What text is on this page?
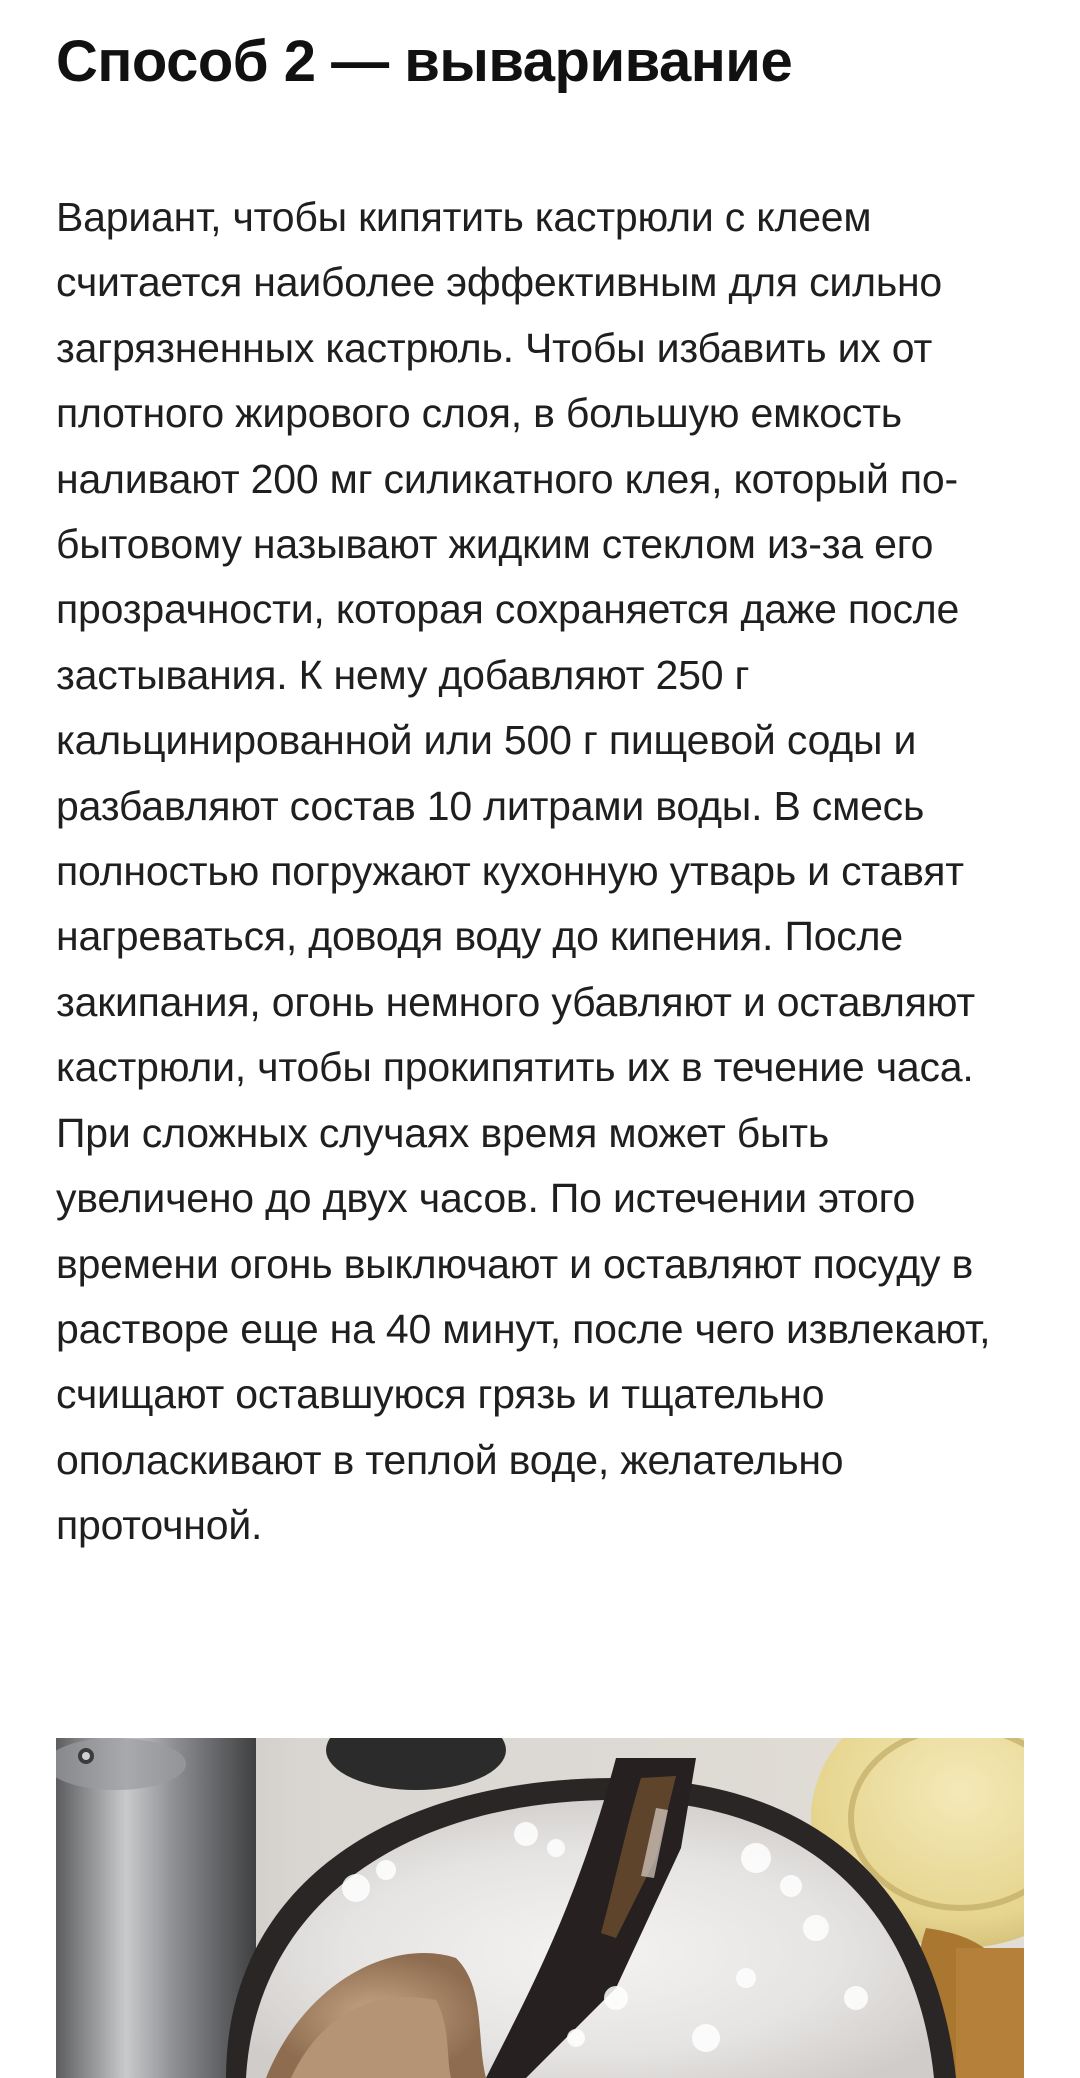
Способ 2 — вываривание

Вариант, чтобы кипятить кастрюли с клеем считается наиболее эффективным для сильно загрязненных кастрюль. Чтобы избавить их от плотного жирового слоя, в большую емкость наливают 200 мг силикатного клея, который по-бытовому называют жидким стеклом из-за его прозрачности, которая сохраняется даже после застывания. К нему добавляют 250 г кальцинированной или 500 г пищевой соды и разбавляют состав 10 литрами воды. В смесь полностью погружают кухонную утварь и ставят нагреваться, доводя воду до кипения. После закипания, огонь немного убавляют и оставляют кастрюли, чтобы прокипятить их в течение часа. При сложных случаях время может быть увеличено до двух часов. По истечении этого времени огонь выключают и оставляют посуду в растворе еще на 40 минут, после чего извлекают, счищают оставшуюся грязь и тщательно ополаскивают в теплой воде, желательно проточной.
